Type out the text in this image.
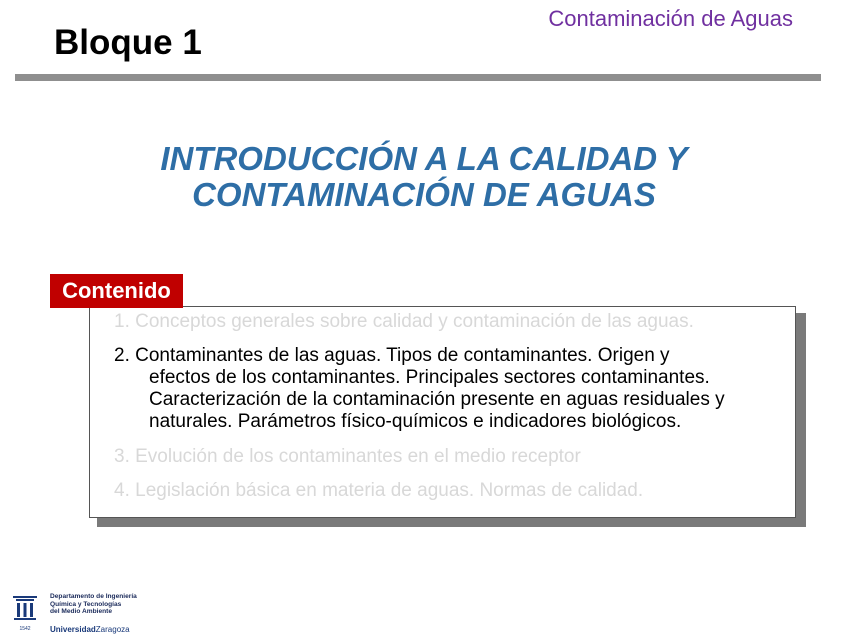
Contaminación de Aguas
Bloque 1
INTRODUCCIÓN A LA CALIDAD Y
CONTAMINACIÓN DE AGUAS
Contenido
1. Conceptos generales sobre calidad y contaminación de las aguas.
2. Contaminantes de las aguas. Tipos de contaminantes. Origen y
efectos de los contaminantes. Principales sectores contaminantes.
Caracterización de la contaminación presente en aguas residuales y
naturales. Parámetros físico-químicos e indicadores biológicos.
3. Evolución de los contaminantes en el medio receptor
4. Legislación básica en materia de aguas. Normas de calidad.
1542
Departamento de Ingeniería
Química y Tecnologías
del Medio Ambiente
UniversidadZaragoza
